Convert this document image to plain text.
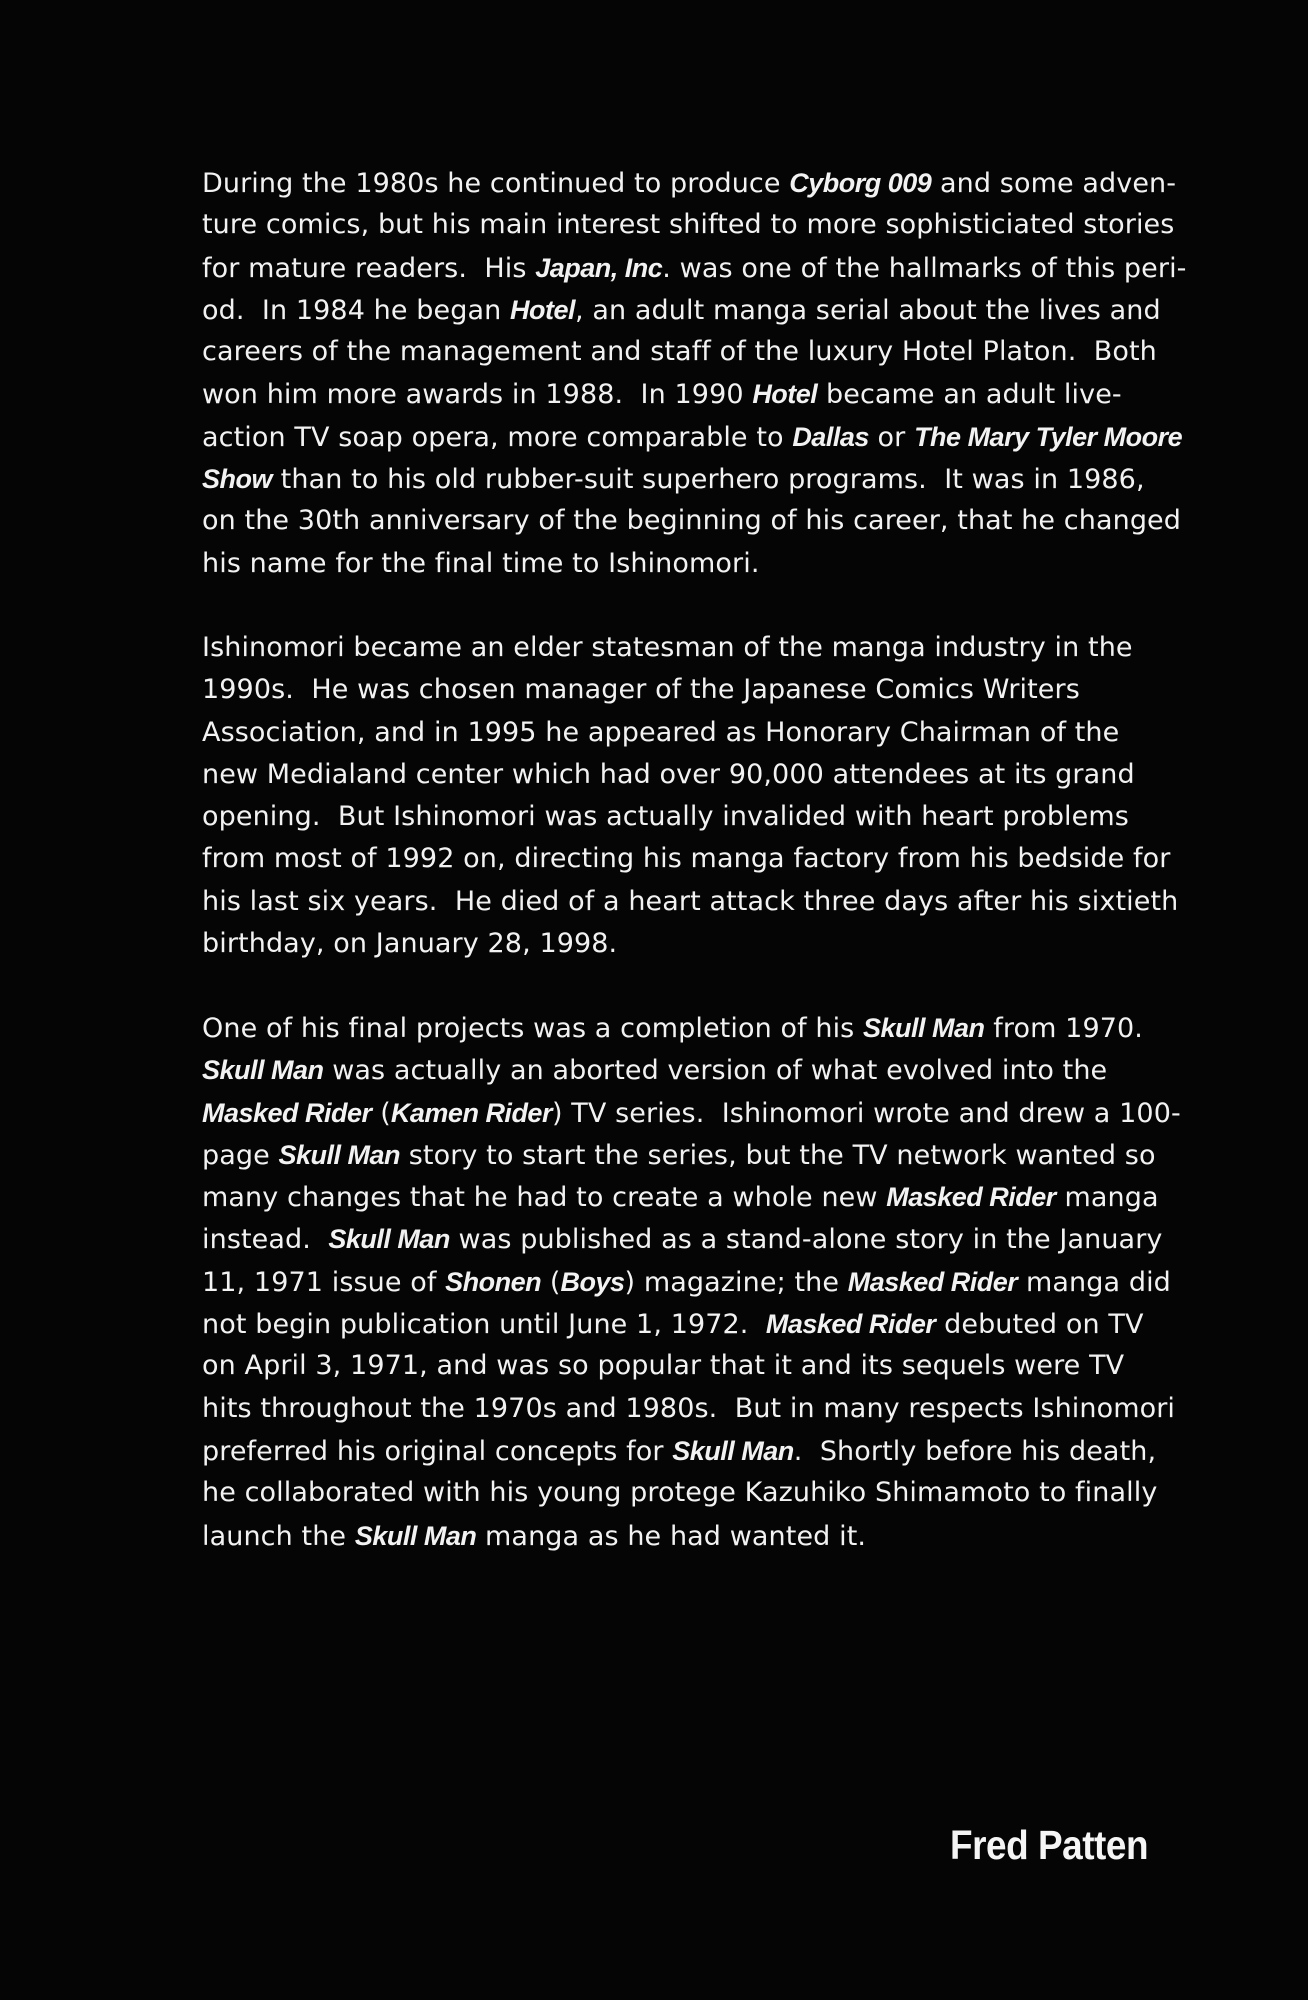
During the 1980s he continued to produce Cyborg 009 and some adven-
ture comics, but his main interest shifted to more sophisticiated stories
for mature readers.  His Japan, Inc. was one of the hallmarks of this peri-
od.  In 1984 he began Hotel, an adult manga serial about the lives and
careers of the management and staff of the luxury Hotel Platon.  Both
won him more awards in 1988.  In 1990 Hotel became an adult live-
action TV soap opera, more comparable to Dallas or The Mary Tyler Moore
Show than to his old rubber-suit superhero programs.  It was in 1986,
on the 30th anniversary of the beginning of his career, that he changed
his name for the final time to Ishinomori.
Ishinomori became an elder statesman of the manga industry in the
1990s.  He was chosen manager of the Japanese Comics Writers
Association, and in 1995 he appeared as Honorary Chairman of the
new Medialand center which had over 90,000 attendees at its grand
opening.  But Ishinomori was actually invalided with heart problems
from most of 1992 on, directing his manga factory from his bedside for
his last six years.  He died of a heart attack three days after his sixtieth
birthday, on January 28, 1998.
One of his final projects was a completion of his Skull Man from 1970.
Skull Man was actually an aborted version of what evolved into the
Masked Rider (Kamen Rider) TV series.  Ishinomori wrote and drew a 100-
page Skull Man story to start the series, but the TV network wanted so
many changes that he had to create a whole new Masked Rider manga
instead.  Skull Man was published as a stand-alone story in the January
11, 1971 issue of Shonen (Boys) magazine; the Masked Rider manga did
not begin publication until June 1, 1972.  Masked Rider debuted on TV
on April 3, 1971, and was so popular that it and its sequels were TV
hits throughout the 1970s and 1980s.  But in many respects Ishinomori
preferred his original concepts for Skull Man.  Shortly before his death,
he collaborated with his young protege Kazuhiko Shimamoto to finally
launch the Skull Man manga as he had wanted it.
Fred Patten
